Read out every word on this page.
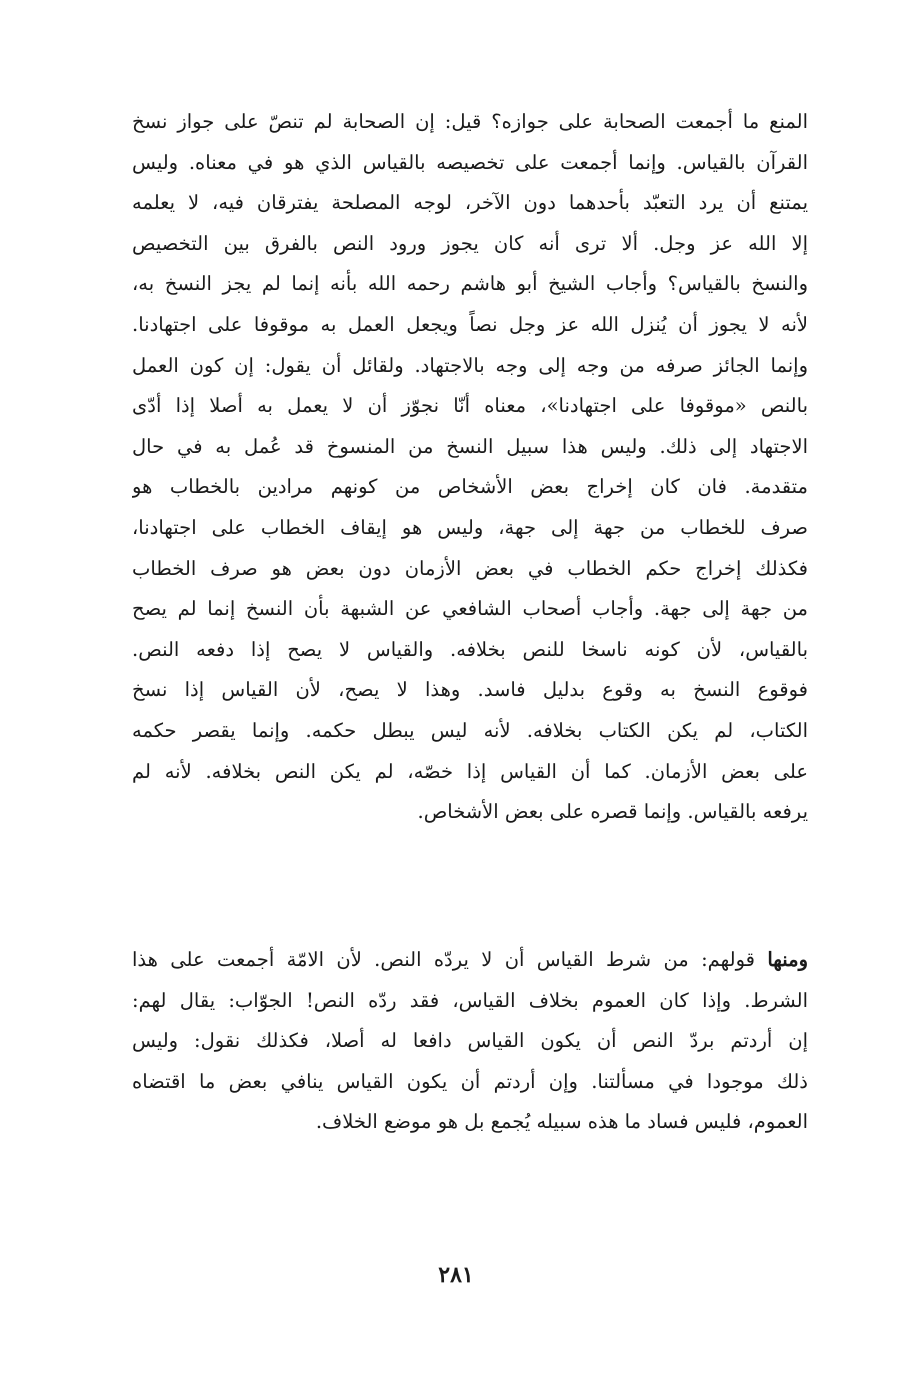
المنع ما أجمعت الصحابة على جوازه؟ قيل: إن الصحابة لم تنصّ على جواز نسخ
القرآن بالقياس. وإنما أجمعت على تخصيصه بالقياس الذي هو في معناه. وليس
يمتنع أن يرد التعبّد بأحدهما دون الآخر، لوجه المصلحة يفترقان فيه، لا يعلمه
إلا الله عز وجل. ألا ترى أنه كان يجوز ورود النص بالفرق بين التخصيص
والنسخ بالقياس؟ وأجاب الشيخ أبو هاشم رحمه الله بأنه إنما لم يجز النسخ به،
لأنه لا يجوز أن يُنزل الله عز وجل نصاً ويجعل العمل به موقوفا على اجتهادنا.
وإنما الجائز صرفه من وجه إلى وجه بالاجتهاد. ولقائل أن يقول: إن كون العمل
بالنص «موقوفا على اجتهادنا»، معناه أنّا نجوّز أن لا يعمل به أصلا إذا أدّى
الاجتهاد إلى ذلك. وليس هذا سبيل النسخ من المنسوخ قد عُمل به في حال
متقدمة. فان كان إخراج بعض الأشخاص من كونهم مرادين بالخطاب هو
صرف للخطاب من جهة إلى جهة، وليس هو إيقاف الخطاب على اجتهادنا،
فكذلك إخراج حكم الخطاب في بعض الأزمان دون بعض هو صرف الخطاب
من جهة إلى جهة. وأجاب أصحاب الشافعي عن الشبهة بأن النسخ إنما لم يصح
بالقياس، لأن كونه ناسخا للنص بخلافه. والقياس لا يصح إذا دفعه النص.
فوقوع النسخ به وقوع بدليل فاسد. وهذا لا يصح، لأن القياس إذا نسخ
الكتاب، لم يكن الكتاب بخلافه. لأنه ليس يبطل حكمه. وإنما يقصر حكمه
على بعض الأزمان. كما أن القياس إذا خصّه، لم يكن النص بخلافه. لأنه لم
يرفعه بالقياس. وإنما قصره على بعض الأشخاص.
ومنها قولهم: من شرط القياس أن لا يردّه النص. لأن الامّة أجمعت على هذا
الشرط. وإذا كان العموم بخلاف القياس، فقد ردّه النص! الجوّاب: يقال لهم:
إن أردتم بردّ النص أن يكون القياس دافعا له أصلا، فكذلك نقول: وليس
ذلك موجودا في مسألتنا. وإن أردتم أن يكون القياس ينافي بعض ما اقتضاه
العموم، فليس فساد ما هذه سبيله يُجمع بل هو موضع الخلاف.
٢٨١
